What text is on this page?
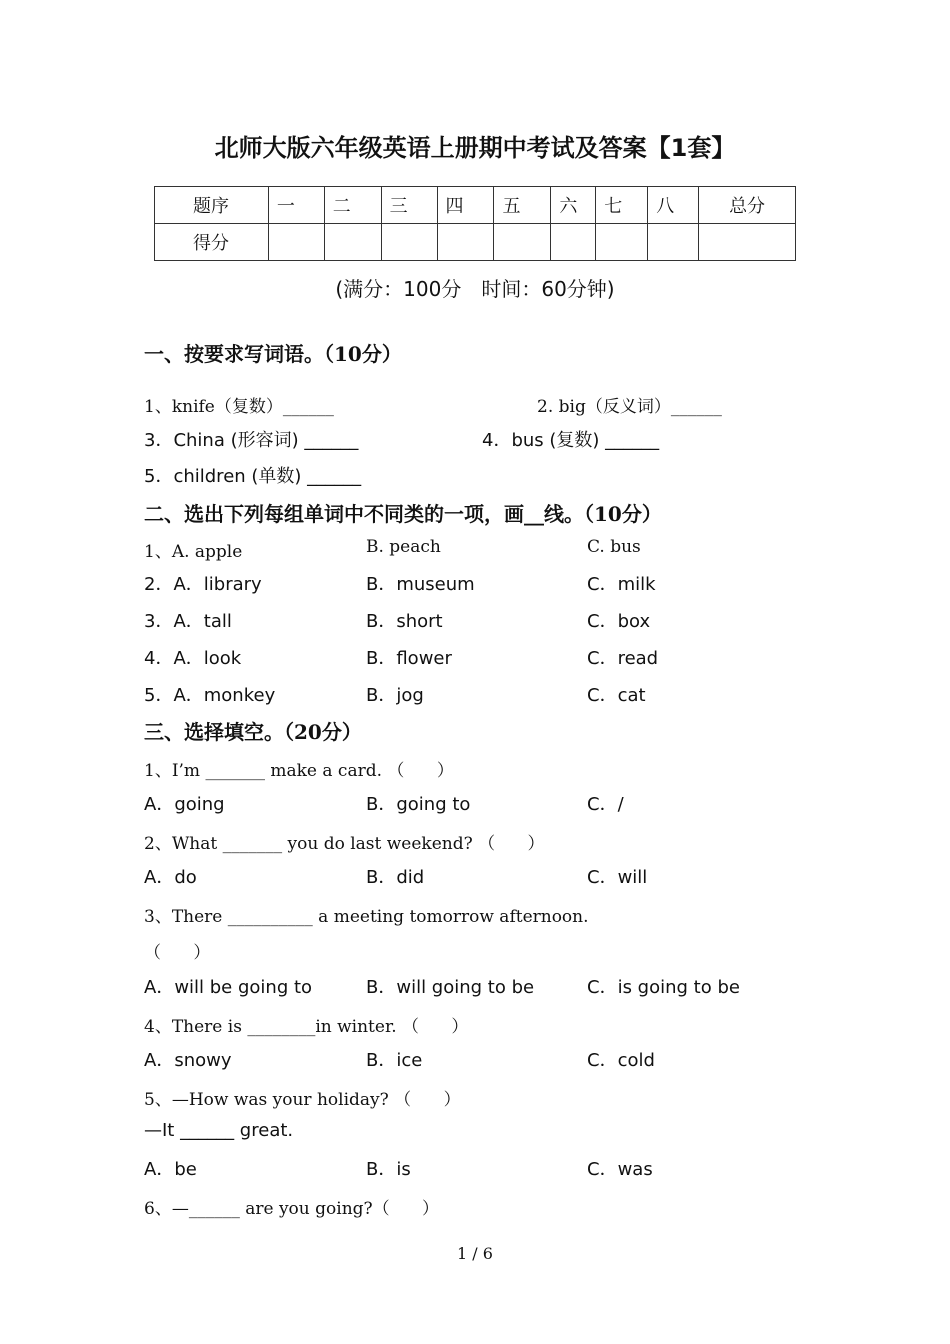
北师大版六年级英语上册期中考试及答案【1套】
题序	一	二	三	四	五	六	七	八	总分
得分									
(满分：100分　时间：60分钟)
一、按要求写词语。（10分）
1、knife（复数）______	2. big（反义词）______
3．China (形容词) ______	4．bus (复数) ______
5．children (单数) ______
二、选出下列每组单词中不同类的一项，画__线。（10分）
1、A. apple	B. peach	C. bus
2．A．library	B．museum	C．milk
3．A．tall	B．short	C．box
4．A．look	B．flower	C．read
5．A．monkey	B．jog	C．cat
三、选择填空。（20分）
1、I’m _______ make a card. （      ）
A．going	B．going to	C．/
2、What _______ you do last weekend? （      ）
A．do	B．did	C．will
3、There __________ a meeting tomorrow afternoon.
（      ）
A．will be going to	B．will going to be	C．is going to be
4、There is ________in winter. （      ）
A．snowy	B．ice	C．cold
5、—How was your holiday? （      ）
—It ______ great.
A．be	B．is	C．was
6、—______ are you going?（      ）
1 / 6
